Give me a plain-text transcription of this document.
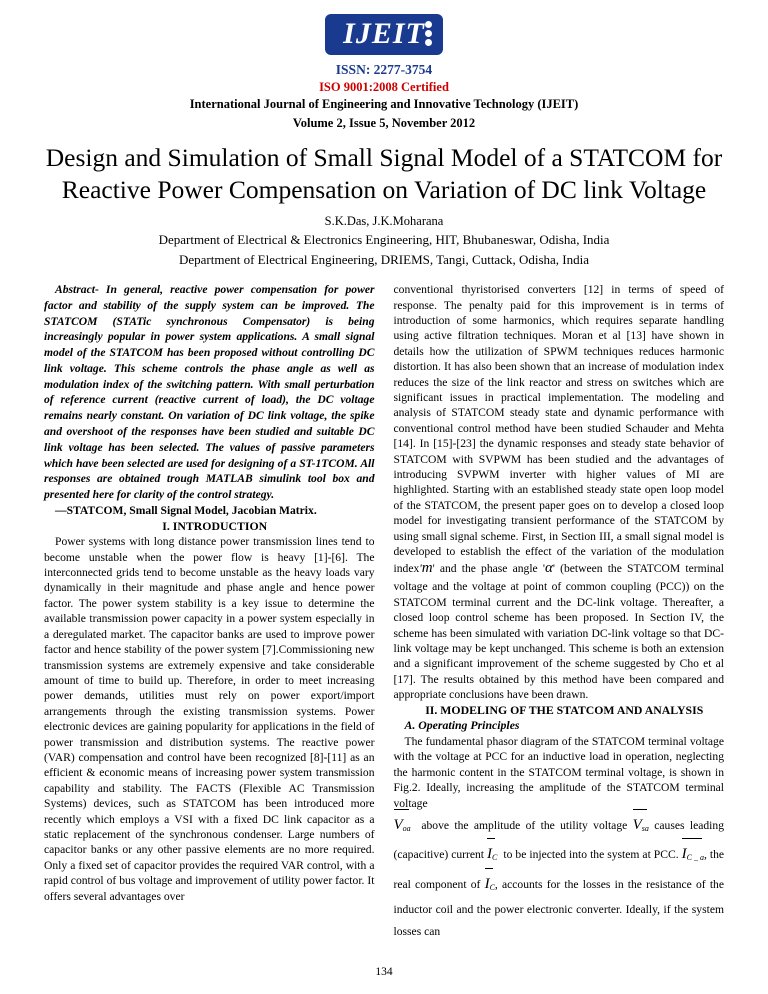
IJEIT
ISSN: 2277-3754
ISO 9001:2008 Certified
International Journal of Engineering and Innovative Technology (IJEIT)
Volume 2, Issue 5, November 2012
Design and Simulation of Small Signal Model of a STATCOM for Reactive Power Compensation on Variation of DC link Voltage
S.K.Das, J.K.Moharana
Department of Electrical & Electronics Engineering, HIT, Bhubaneswar, Odisha, India
Department of Electrical Engineering, DRIEMS, Tangi, Cuttack, Odisha, India

Abstract- In general, reactive power compensation for power factor and stability of the supply system can be improved. The STATCOM (STATic synchronous Compensator) is being increasingly popular in power system applications. A small signal model of the STATCOM has been proposed without controlling DC link voltage. This scheme controls the phase angle as well as modulation index of the switching pattern. With small perturbation of reference current (reactive current of load), the DC voltage remains nearly constant. On variation of DC link voltage, the spike and overshoot of the responses have been studied and suitable DC link voltage has been selected. The values of passive parameters which have been selected are used for designing of a ST-1TCOM. All responses are obtained trough MATLAB simulink tool box and presented here for clarity of the control strategy.

—STATCOM, Small Signal Model, Jacobian Matrix.

I. INTRODUCTION

Power systems with long distance power transmission lines tend to become unstable when the power flow is heavy [1]-[6]. The interconnected grids tend to become unstable as the heavy loads vary dynamically in their magnitude and phase angle and hence power factor. The power system stability is a key issue to determine the available transmission power capacity in a power system especially in a deregulated market. The capacitor banks are used to improve power factor and hence stability of the power system [7].Commissioning new transmission systems are extremely expensive and take considerable amount of time to build up. Therefore, in order to meet increasing power demands, utilities must rely on power export/import arrangements through the existing transmission systems. Power electronic devices are gaining popularity for applications in the field of power transmission and distribution systems. The reactive power (VAR) compensation and control have been recognized [8]-[11] as an efficient & economic means of increasing power system transmission capability and stability. The FACTS (Flexible AC Transmission Systems) devices, such as STATCOM has been introduced more recently which employs a VSI with a fixed DC link capacitor as a static replacement of the synchronous condenser. Large numbers of capacitor banks or any other passive elements are no more required. Only a fixed set of capacitor provides the required VAR control, with a rapid control of bus voltage and improvement of utility power factor. It offers several advantages over

conventional thyristorised converters [12] in terms of speed of response. The penalty paid for this improvement is in terms of introduction of some harmonics, which requires separate handling using active filtration techniques. Moran et al [13] have shown in details how the utilization of SPWM techniques reduces harmonic distortion. It has also been shown that an increase of modulation index reduces the size of the link reactor and stress on switches which are significant issues in practical implementation. The modeling and analysis of STATCOM steady state and dynamic performance with conventional control method have been studied Schauder and Mehta [14]. In [15]-[23] the dynamic responses and steady state behavior of STATCOM with SVPWM has been studied and the advantages of introducing SVPWM inverter with higher values of MI are highlighted. Starting with an established steady state open loop model of the STATCOM, the present paper goes on to develop a closed loop model for investigating transient performance of the STATCOM by using small signal scheme. First, in Section III, a small signal model is developed to establish the effect of the variation of the modulation index'm' and the phase angle 'α' (between the STATCOM terminal voltage and the voltage at point of common coupling (PCC)) on the STATCOM terminal current and the DC-link voltage. Thereafter, a closed loop control scheme has been proposed. In Section IV, the scheme has been simulated with variation DC-link voltage so that DC-link voltage may be kept unchanged. This scheme is both an extension and a significant improvement of the scheme suggested by Cho et al [17]. The results obtained by this method have been compared and appropriate conclusions have been drawn.

II. MODELING OF THE STATCOM AND ANALYSIS

A. Operating Principles

The fundamental phasor diagram of the STATCOM terminal voltage with the voltage at PCC for an inductive load in operation, neglecting the harmonic content in the STATCOM terminal voltage, is shown in Fig.2. Ideally, increasing the amplitude of the STATCOM terminal voltage

$V_{oa}$ above the amplitude of the utility voltage $V_{sa}$ causes leading (capacitive) current $I_C$ to be injected into the system at PCC. $I_{C \_ a}$, the real component of $I_C$, accounts for the losses in the resistance of the inductor coil and the power electronic converter. Ideally, if the system losses can

134
